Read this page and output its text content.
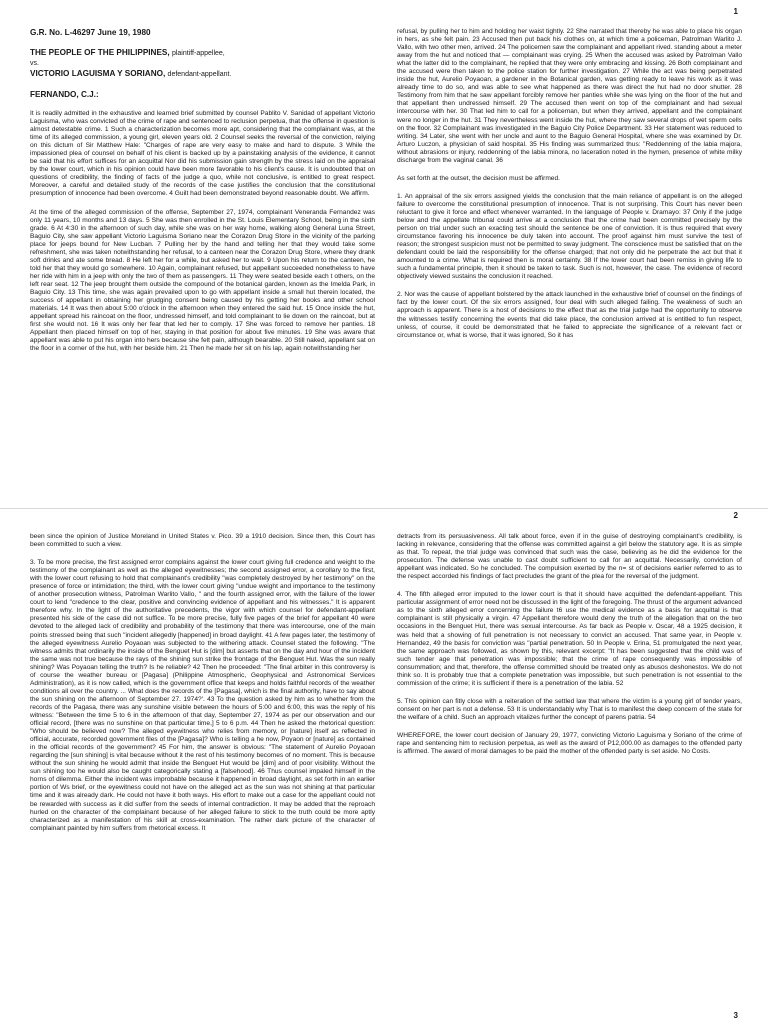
1
G.R. No. L-46297 June 19, 1980
THE PEOPLE OF THE PHILIPPINES, plaintiff-appellee,
vs.
VICTORIO LAGUISMA Y SORIANO, defendant-appellant.
FERNANDO, C.J.:

It is readily admitted in the exhaustive and learned brief submitted by counsel Pablito V. Sanidad of appellant Victorio Laguisma, who was convicted of the crime of rape and sentenced to reclusion perpetua, that the offense in question is almost detestable crime. 1 Such a characterization becomes more apt, considering that the complainant was, at the time of its alleged commission, a young girl, eleven years old. 2 Counsel seeks the reversal of the conviction, relying on this dictum of Sir Matthew Hale: "Charges of rape are very easy to make and hard to dispute. 3 While the impassioned plea of counsel on behalf of his client is backed up by a painstaking analysis of the evidence, it cannot be said that his effort suffices for an acquittal Nor did his submission gain strength by the stress laid on the appraisal by the lower court, which in his opinion could have been more favorable to his client's cause. It is undoubted that on questions of credibility, the finding of facts of the judge a quo, while not conclusive, is entitled to great respect. Moreover, a careful and detailed study of the records of the case justifies the conclusion that the constitutional presumption of innocence had been overcome. 4 Guilt had been demonstrated beyond reasonable doubt. We affirm.

At the time of the alleged commission of the offense, September 27, 1974, complainant Veneranda Fernandez was only 11 years, 10 months and 13 days. 5 She was then enrolled in the St. Louis Elementary School, being in the sixth grade. 6 At 4:30 in the afternoon of such day, while she was on her way home, walking along General Luna Street, Baguio City, she saw appellant Victorio Laguisma Soriano near the Corazon Drug Store in the vicinity of the parking place for jeeps bound for New Lucban. 7 Pulling her by the hand and telling her that they would take some refreshment, she was taken notwithstanding her refusal, to a canteen near the Corazon Drug Store, where they drank soft drinks and ate some bread. 8 He left her for a while, but asked her to wait. 9 Upon his return to the canteen, he told her that they would go somewhere. 10 Again, complainant refused, but appellant succeeded nonetheless to have her ride with him in a jeep with only the two of them as passengers. 11 They were seated beside each t others, on the left rear seat. 12 The jeep brought them outside the compound of the botanical garden, known as the Imelda Park, in Baguio City. 13 This time, she was again prevailed upon to go with appellant inside a small hut therein located, the success of appellant in obtaining her grudging consent being caused by his getting her books and other school materials. 14 It was then about 5:00 o'clock in the afternoon when they entered the said hut. 15 Once inside the hut, appellant spread his raincoat on the floor, undressed himself, and told complainant to lie down on the raincoat, but at first she would not. 16 It was only her fear that led her to comply. 17 She was forced to remove her panties. 18 Appellant then placed himself on top of her, staying in that position for about five minutes. 19 She was aware that appellant was able to put his organ into hers because she felt pain, although bearable. 20 Still naked, appellant sat on the floor in a corner of the hut, with her beside him. 21 Then he made her sit on his lap, again notwithstanding her

refusal, by pulling her to him and holding her waist tightly. 22 She narrated that thereby he was able to place his organ in hers, as she felt pain. 23 Accused then put back his clothes on, at which time a policeman, Patrolman Warlito J. Vallo, with two other men, arrived. 24 The policemen saw the complainant and appellant rived. standing about a meter away from the hut and noticed that — complainant was crying. 25 When the accused was asked by Patrolman Vallo what the latter did to the complainant, he replied that they were only embracing and kissing. 26 Both complainant and the accused were then taken to the police station for further investigation. 27 While the act was being perpetrated inside the hut, Aurelio Poyaoan, a gardener in the Botanical garden, was getting ready to leave his work as it was already time to do so, and was able to see what happened as there was direct the hut had no door shutter. 28 Testimony from him that he saw appellant forcibly remove her panties while she was lying on the floor of the hut and that appellant then undressed himself. 29 The accused then went on top of the complainant and had sexual intercourse with her. 30 That led him to call for a policeman, but when they arrived, appellant and the complainant were no longer in the hut. 31 They nevertheless went inside the hut, where they saw several drops of wet sperm cells on the floor. 32 Complainant was investigated in the Baguio City Police Department. 33 Her statement was reduced to writing. 34 Later, she went with her uncle and aunt to the Baguio General Hospital, where she was examined by Dr. Arturo Luczon, a physician of said hospital. 35 His finding was summarized thus: "Reddenning of the labia majora, without abrasions or injury, reddenning of the labia minora, no laceration noted in the hymen, presence of white milky discharge from the vaginal canal. 36

As set forth at the outset, the decision must be affirmed.

1. An appraisal of the six errors assigned yields the conclusion that the main reliance of appellant is on the alleged failure to overcome the constitutional presumption of innocence. That is not surprising. This Court has never been reluctant to give it force and effect whenever warranted. In the language of People v. Dramayo: 37 Only if the judge below and the appellate tribunal could arrive at a conclusion that the crime had been committed precisely by the person on trial under such an exacting test should the sentence be one of conviction. It is thus required that every circumstance favoring his innocence be duly taken into account. The proof against him must survive the test of reason; the strongest suspicion must not be permitted to sway judgment. The conscience must be satisfied that on the defendant could be laid the responsibility for the offense charged; that not only did he perpetrate the act but that it amounted to a crime. What is required then is moral certainty. 38 If the lower court had been remiss in giving life to such a fundamental principle, then it should be taken to task. Such is not, however, the case. The evidence of record objectively viewed sustains the conclusion it reached.

2. Nor was the cause of appellant bolstered by the attack launched in the exhaustive brief of counsel on the findings of fact by the lower court. Of the six errors assigned, four deal with such alleged failing. The weakness of such an approach is apparent. There is a host of decisions to the effect that as the trial judge had the opportunity to observe the witnesses testify concerning the events that did take place, the conclusion arrived at is entitled to fun respect, unless, of course, it could be demonstrated that he failed to appreciate the significance of a relevant fact or circumstance or, what is worse, that it was ignored, So it has

2

been since the opinion of Justice Moreland in United States v. Pico. 39 a 1910 decision. Since then, this Court has been committed to such a view.

3. To be more precise, the first assigned error complains against the lower court giving full credence and weight to the testimony of the complainant as well as the alleged eyewitnesses; the second assigned error, a corollary to the first, with the lower court refusing to hold that complainant's credibility "was completely destroyed by her testimony" on the presence of force or intimidation; the third, with the lower court giving "undue weight and importance to the testimony of another prosecution witness, Patrolman Warlito Vallo, " and the fourth assigned error, with the failure of the lower court to lend "credence to the clear, positive and convincing evidence of appellant and his witnesses." It is apparent therefore why. In the light of the authoritative precedents, the vigor with which counsel for defendant-appellant presented his side of the case did not suffice. To be more precise, fully five pages of the brief for appellant 40 were devoted to the alleged lack of credibility and probability of the testimony that there was intercourse, one of the main points stressed being that such "incident allegedly [happened] in broad daylight. 41 A few pages later, the testimony of the alleged eyewitness Aurelio Poyaoan was subjected to the withering attack. Counsel stated the following. "The witness admits that ordinarily the inside of the Benguet Hut is [dim] but asserts that on the day and hour of the incident the same was not true because the rays of the shining sun strike the frontage of the Benguet Hut. Was the sun really shining? Was Poyaoan telling the truth? Is he reliable? 42 Then he proceeded: "The final arbiter in this controversy is of course the weather bureau or [Pagasa] (Philippine Atmospheric, Geophysical and Astronomical Services Administration), as it is now called, which is the government office that keeps and holds faithful records of the weather conditions all over the country. ... What does the records of the [Pagasa], which is the final authority, have to say about the sun shining on the afternoon of September 27. 1974?'. 43 To the question asked by him as to whether from the records of the Pagasa, there was any sunshine visible between the hours of 5:00 and 6:00, this was the reply of his witness: "Between the time 5 to 6 in the afternoon of that day, September 27, 1974 as per our observation and our official record, [there was no sunshine on that particular time,] 5 to 6 p.m. 44 Then he asked the rhetorical question: "Who should be believed now? The alleged eyewitness who relies from memory, or [nature] itself as reflected in official, accurate, recorded government files of the [Pagasa]? Who is telling a he now, Poyaon or [nature] as contained in the official records of the government? 45 For him, the answer is obvious: "The statement of Aurelio Poyaoan regarding the [sun shining] is vital because without it the rest of his testimony becomes of no moment. This is because without the sun shining he would admit that inside the Benguet Hut would be [dim] and of poor visibility. Without the sun shining too he would also be caught categorically stating a [falsehood]. 46 Thus counsel impaled himself in the horns of dilemma. Either the incident was improbable because it happened in broad daylight, as set forth in an earlier portion of Ws brief, or the eyewitness could not have on the alleged act as the sun was not shining at that particular time and it was already dark. He could not have it both ways. His effort to make out a case for the appellant could not be rewarded with success as it did suffer from the seeds of internal contradiction. It may be added that the reproach hurled on the character of the complainant because of her alleged failure to stick to the truth could be more aptly characterized as a manifestation of his skill at cross-examination. The rather dark picture of the character of complainant painted by him suffers from rhetorical excess. It

detracts from its persuasiveness. All talk about force, even if in the guise of destroying complainant's credibility, is lacking in relevance, considering that the offense was committed against a girl below the statutory age. It is as simple as that. To repeat, the trial judge was convinced that such was the case, believing as he did the evidence for the prosecution. The defense was unable to cast doubt sufficient to call for an acquittal. Necessarily, conviction of appellant was indicated. So he concluded. The compulsion exerted by the n= st of decisions earlier referred to as to the respect accorded his findings of fact precludes the grant of the plea for the reversal of the judgment.

4. The fifth alleged error imputed to the lower court is that it should have acquitted the defendant-appellant. This particular assignment of error need not be discussed in the light of the foregoing. The thrust of the argument advanced as to the sixth alleged error concerning the failure t6 use the medical evidence as a basis for acquittal is that complainant is still physically a virgin. 47 Appellant therefore would deny the truth of the allegation that on the two occasions in the Benguet Hut, there was sexual intercourse. As far back as People v. Oscar, 48 a 1925 decision, it was held that a showing of full penetration is not necessary to convict an accused. That same year, in People v. Hernandez, 49 the basis for conviction was "partial penetration. 50 In People v. Erina, 51 promulgated the next year, the same approach was followed, as shown by this, relevant excerpt: "It has been suggested that the child was of such tender age that penetration was impossible; that the crime of rape consequently was impossible of consummation; and that, therefore, the offense committed should be treated only as abusos deshonestos. We do not think so. It is probably true that a complete penetration was impossible, but such penetration is not essential to the commission of the crime; it is sufficient if there is a penetration of the labia. 52

5. This opinion can fitly close with a reiteration of the settled law that where the victim is a young girl of tender years, consent on her part is not a defense. 53 It is understandably why That is to manifest the deep concern of the state for the welfare of a child. Such an approach vitalizes further the concept of parens patria. 54

WHEREFORE, the lower court decision of January 29, 1977, convicting Victorio Laguisma y Soriano of the crime of rape and sentencing him to reclusion perpetua, as well as the award of P12,000.00 as damages to the offended party is affirmed. The award of moral damages to be paid the mother of the offended party is set aside. No Costs.

3
